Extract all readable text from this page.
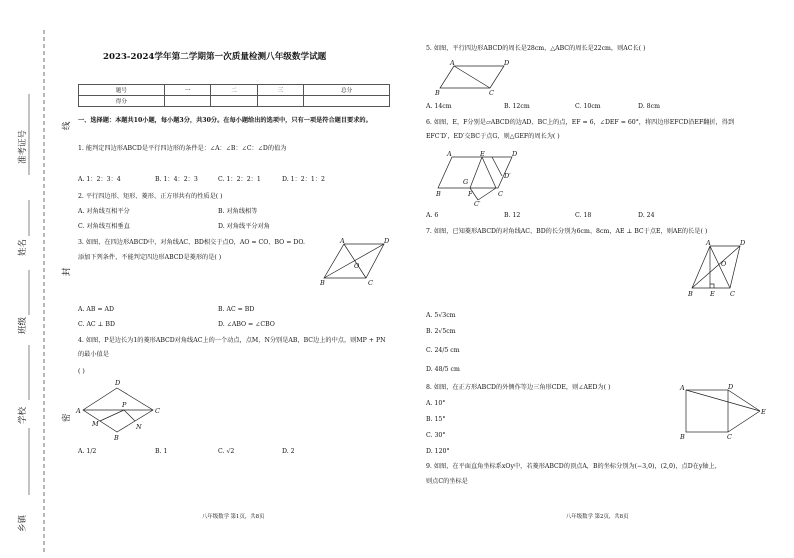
线
封
密
准考证号
姓名
班级
学校
乡镇
2023-2024学年第二学期第一次质量检测八年级数学试题
题号	一	二	三	总分
得分				
一、选择题：本题共10小题，每小题3分，共30分。在每小题给出的选项中，只有一项是符合题目要求的。
1. 能判定四边形ABCD是平行四边形的条件是：∠A：∠B：∠C：∠D的值为
A. 1：2：3：4	B. 1：4：2：3	C. 1：2：2：1	D. 1：2：1：2
2. 平行四边形、矩形、菱形、正方形共有的性质是( )
A. 对角线互相平分	B. 对角线相等
C. 对角线互相垂直	D. 对角线平分对角
3. 如图，在四边形ABCD中，对角线AC、BD相交于点O，AO = CO、BO = DO.
添加下列条件，不能判定四边形ABCD是菱形的是( )
A	D
O
B	C
A. AB = AD	B. AC = BD
C. AC ⊥ BD	D. ∠ABO = ∠CBO
4. 如图，P是边长为1的菱形ABCD对角线AC上的一个动点，点M，N分别是AB，BC边上的中点，则MP + PN
的最小值是
( )
D
A
P
C
M	N
B
A. 1/2	B. 1	C. √2	D. 2
八年级数学 第1页，共8页
5. 如图，平行四边形ABCD的周长是28cm，△ABC的周长是22cm，则AC长( )
A	D
B	C
A. 14cm	B. 12cm	C. 10cm	D. 8cm
6. 如图，E，F分别是▱ABCD的边AD、BC上的点，EF = 6，∠DEF = 60°，将四边形EFCD沿EF翻折，得到
EFC′D′，ED′交BC于点G，则△GEF的周长为( )
A	E	D
G
B	F	C
C′
D′
A. 6	B. 12	C. 18	D. 24
7. 如图，已知菱形ABCD的对角线AC、BD的长分别为6cm、8cm，AE ⊥ BC于点E，则AE的长是( )
A	D
O
B	E C
A. 5√3cm
B. 2√5cm
C. 24/5 cm
D. 48/5 cm
8. 如图，在正方形ABCD的外侧作等边三角形CDE，则∠AED为( )	A	D
E
B	C
A. 10°
B. 15°
C. 30°
D. 120°
9. 如图，在平面直角坐标系xOy中，若菱形ABCD的顶点A，B的坐标分别为(−3,0)，(2,0)，点D在y轴上，
则点C的坐标是
八年级数学 第2页，共8页
